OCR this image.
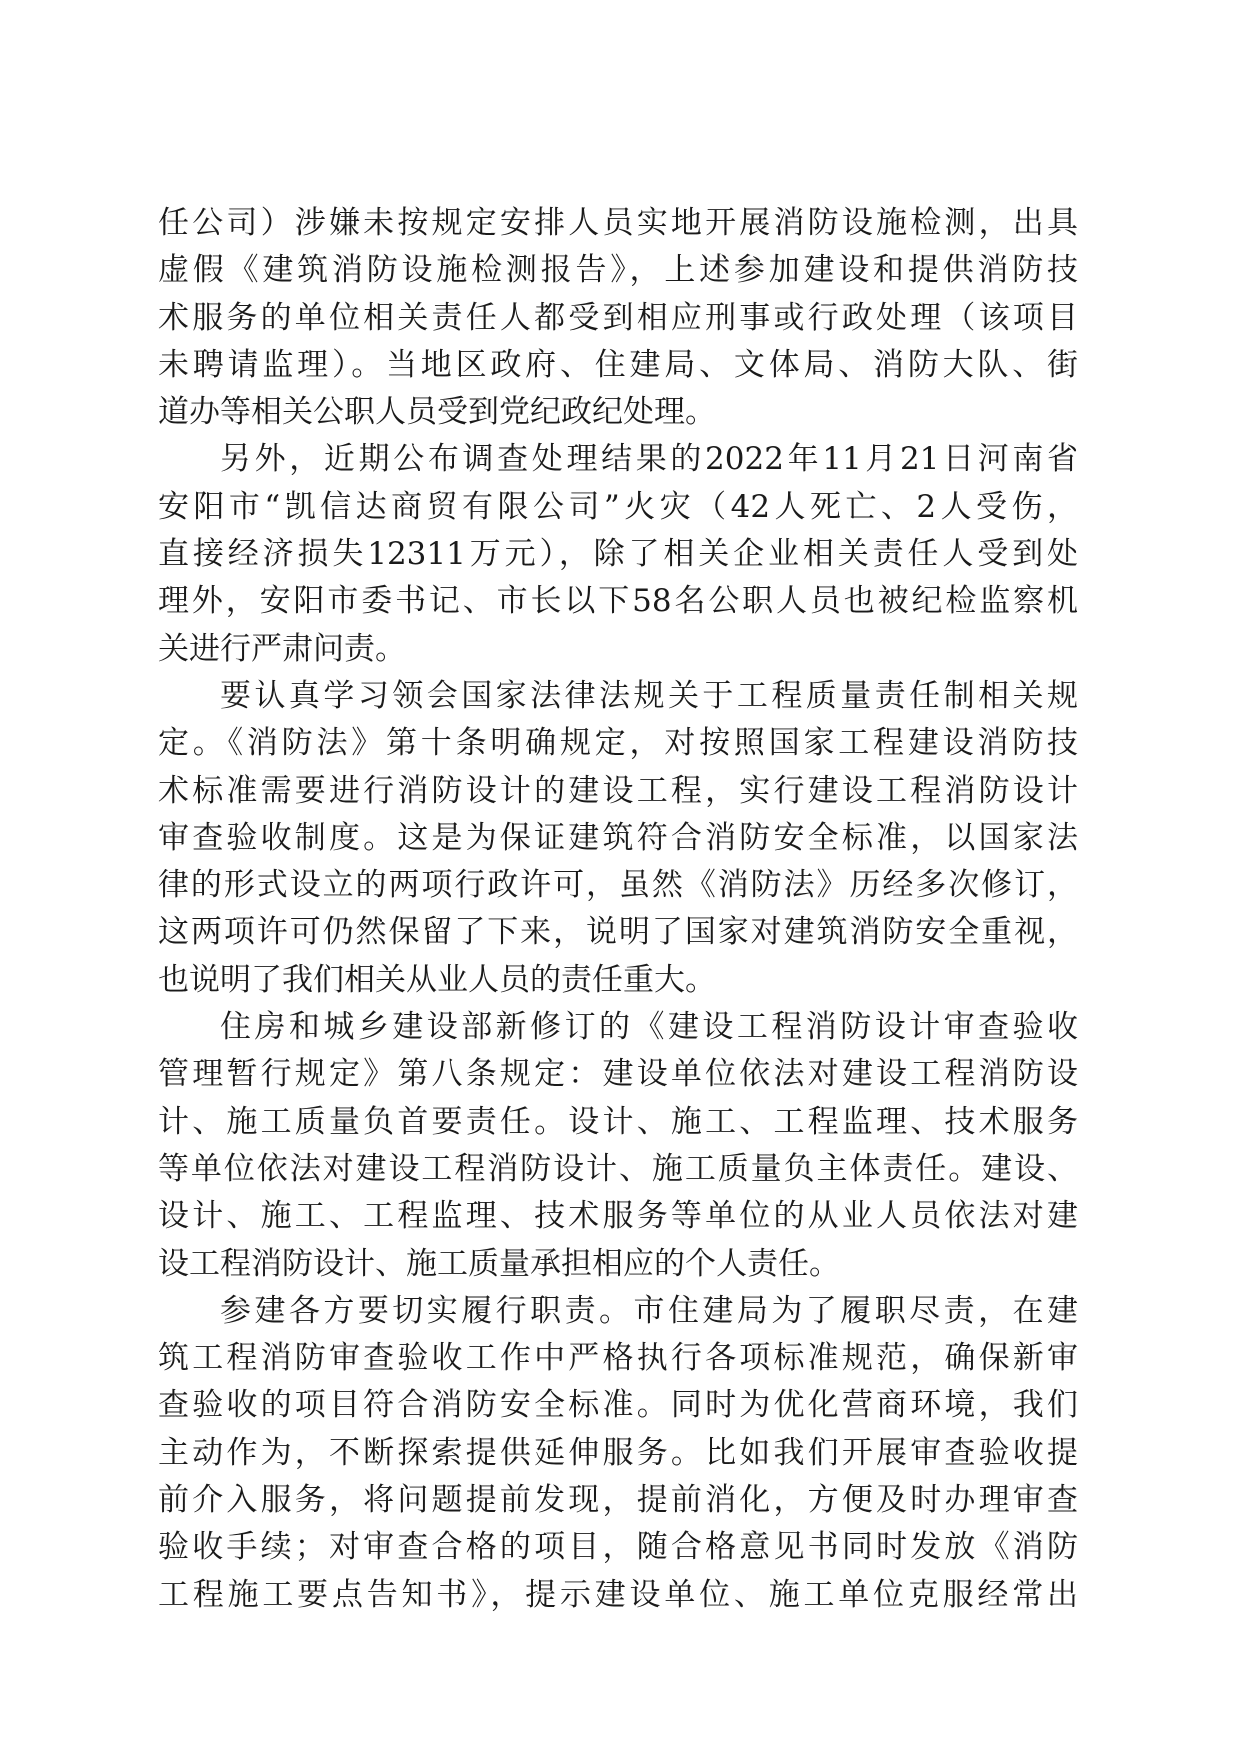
任公司）涉嫌未按规定安排人员实地开展消防设施检测，出具
虚假《建筑消防设施检测报告》，上述参加建设和提供消防技
术服务的单位相关责任人都受到相应刑事或行政处理（该项目
未聘请监理）。当地区政府、住建局、文体局、消防大队、街
道办等相关公职人员受到党纪政纪处理。
另外，近期公布调查处理结果的2022年11月21日河南省
安阳市“凯信达商贸有限公司”火灾（42人死亡、2人受伤，
直接经济损失12311万元），除了相关企业相关责任人受到处
理外，安阳市委书记、市长以下58名公职人员也被纪检监察机
关进行严肃问责。
要认真学习领会国家法律法规关于工程质量责任制相关规
定。《消防法》第十条明确规定，对按照国家工程建设消防技
术标准需要进行消防设计的建设工程，实行建设工程消防设计
审查验收制度。这是为保证建筑符合消防安全标准，以国家法
律的形式设立的两项行政许可，虽然《消防法》历经多次修订，
这两项许可仍然保留了下来，说明了国家对建筑消防安全重视，
也说明了我们相关从业人员的责任重大。
住房和城乡建设部新修订的《建设工程消防设计审查验收
管理暂行规定》第八条规定：建设单位依法对建设工程消防设
计、施工质量负首要责任。设计、施工、工程监理、技术服务
等单位依法对建设工程消防设计、施工质量负主体责任。建设、
设计、施工、工程监理、技术服务等单位的从业人员依法对建
设工程消防设计、施工质量承担相应的个人责任。
参建各方要切实履行职责。市住建局为了履职尽责，在建
筑工程消防审查验收工作中严格执行各项标准规范，确保新审
查验收的项目符合消防安全标准。同时为优化营商环境，我们
主动作为，不断探索提供延伸服务。比如我们开展审查验收提
前介入服务，将问题提前发现，提前消化，方便及时办理审查
验收手续；对审查合格的项目，随合格意见书同时发放《消防
工程施工要点告知书》，提示建设单位、施工单位克服经常出
